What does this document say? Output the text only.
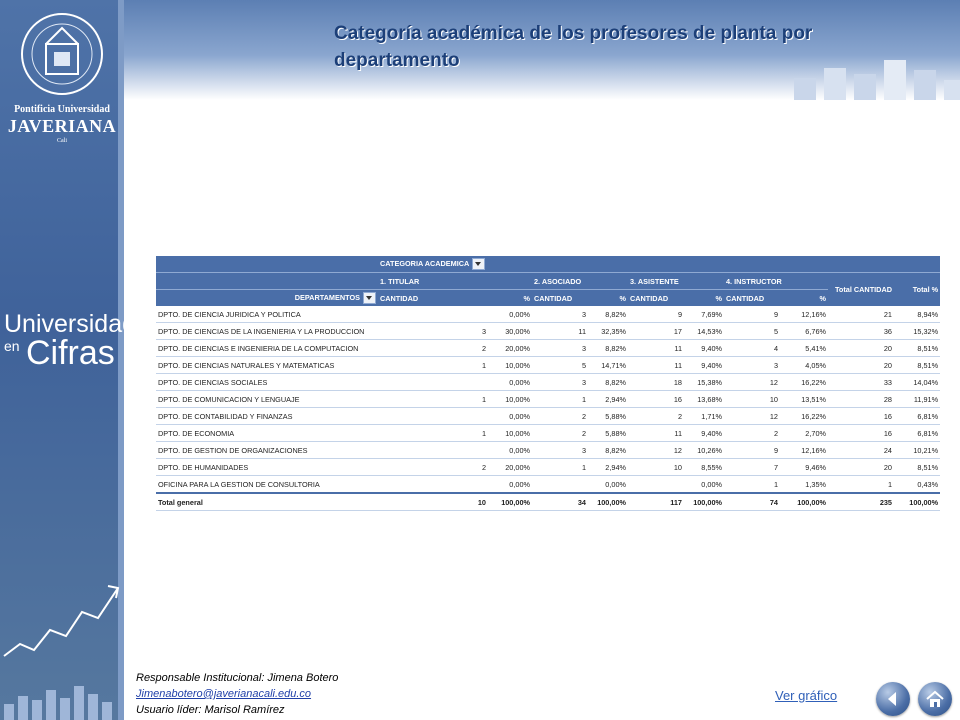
Pontificia Universidad
JAVERIANA
Cali
Universidad
en Cifras
Categoría académica de los profesores de planta por departamento
	CATEGORIA ACADEMICA									
	1. TITULAR		2. ASOCIADO		3. ASISTENTE		4. INSTRUCTOR		Total CANTIDAD	Total %
DEPARTAMENTOS	CANTIDAD	%	CANTIDAD	%	CANTIDAD	%	CANTIDAD	%		
DPTO. DE CIENCIA JURIDICA Y POLITICA		0,00%	3	8,82%	9	7,69%	9	12,16%	21	8,94%
DPTO. DE CIENCIAS DE LA INGENIERIA Y LA PRODUCCION	3	30,00%	11	32,35%	17	14,53%	5	6,76%	36	15,32%
DPTO. DE CIENCIAS E INGENIERIA DE LA COMPUTACION	2	20,00%	3	8,82%	11	9,40%	4	5,41%	20	8,51%
DPTO. DE CIENCIAS NATURALES Y MATEMATICAS	1	10,00%	5	14,71%	11	9,40%	3	4,05%	20	8,51%
DPTO. DE CIENCIAS SOCIALES		0,00%	3	8,82%	18	15,38%	12	16,22%	33	14,04%
DPTO. DE COMUNICACION Y LENGUAJE	1	10,00%	1	2,94%	16	13,68%	10	13,51%	28	11,91%
DPTO. DE CONTABILIDAD Y FINANZAS		0,00%	2	5,88%	2	1,71%	12	16,22%	16	6,81%
DPTO. DE ECONOMIA	1	10,00%	2	5,88%	11	9,40%	2	2,70%	16	6,81%
DPTO. DE GESTION DE ORGANIZACIONES		0,00%	3	8,82%	12	10,26%	9	12,16%	24	10,21%
DPTO. DE HUMANIDADES	2	20,00%	1	2,94%	10	8,55%	7	9,46%	20	8,51%
OFICINA PARA LA GESTION DE CONSULTORIA		0,00%		0,00%		0,00%	1	1,35%	1	0,43%
Total general	10	100,00%	34	100,00%	117	100,00%	74	100,00%	235	100,00%
Responsable Institucional: Jimena Botero
Jimenabotero@javerianacali.edu.co
Usuario líder: Marisol Ramírez
Ver gráfico
